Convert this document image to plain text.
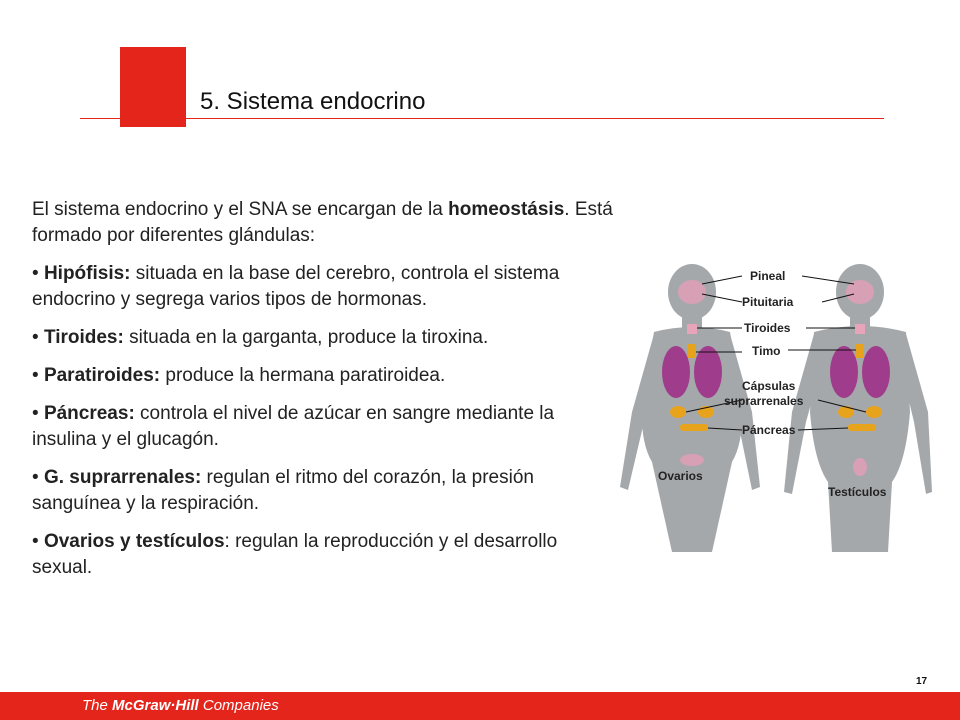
5. Sistema endocrino

El sistema endocrino y el SNA se encargan de la homeostásis. Está formado por diferentes glándulas:

• Hipófisis: situada en la base del cerebro, controla el sistema endocrino y segrega varios tipos de hormonas.

• Tiroides: situada en la garganta, produce la tiroxina.

• Paratiroides: produce la hermana paratiroidea.

• Páncreas: controla el nivel de azúcar en sangre mediante la insulina y el glucagón.

• G. suprarrenales: regulan el ritmo del corazón, la presión sanguínea y la respiración.

• Ovarios y testículos: regulan la reproducción y el desarrollo sexual.

Pineal
Pituitaria
Tiroides
Timo
Cápsulas
suprarrenales
Páncreas
Ovarios
Testículos
17
The McGraw·Hill Companies
